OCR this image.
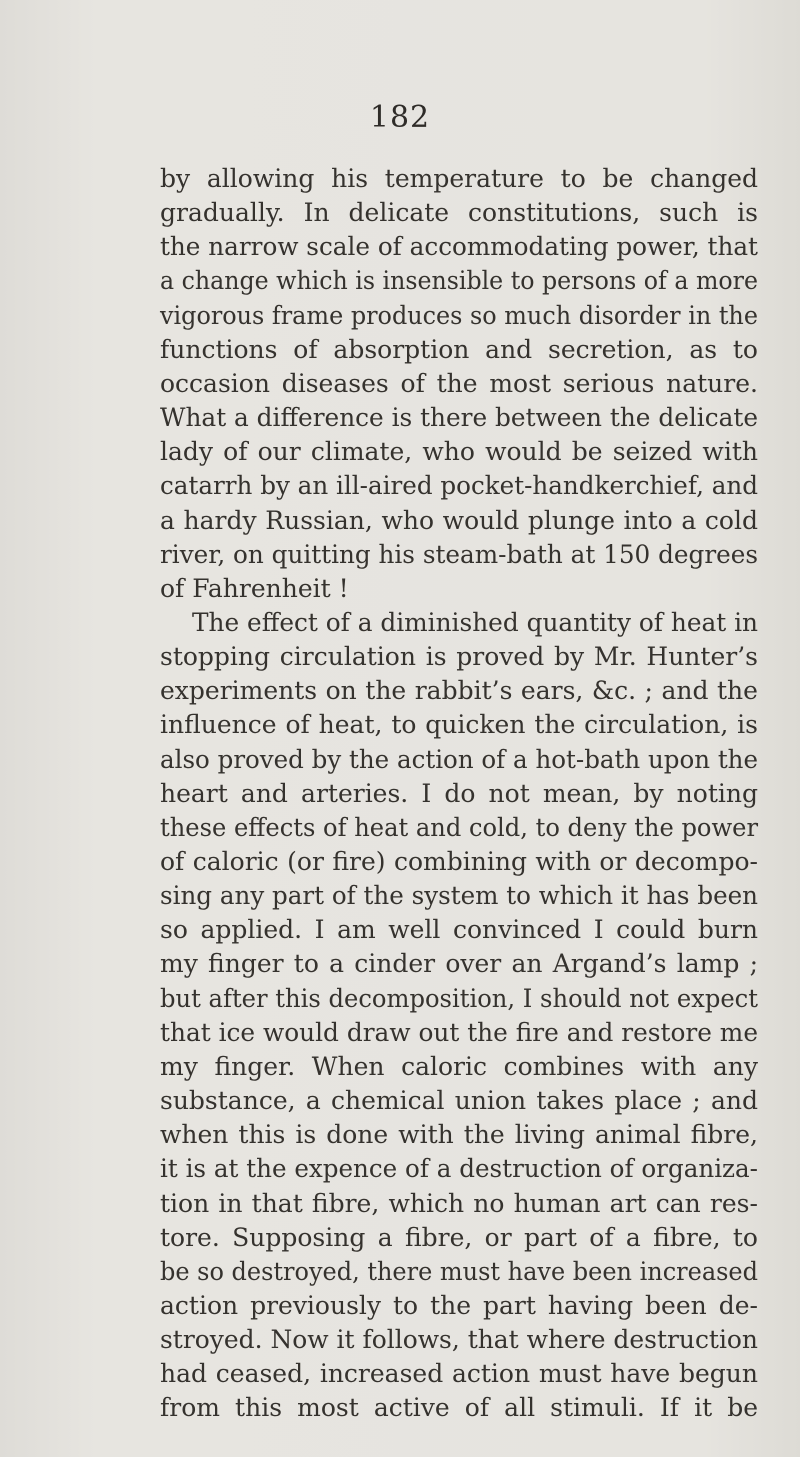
182
by allowing his temperature to be changed
gradually. In delicate constitutions, such is
the narrow scale of accommodating power, that
a change which is insensible to persons of a more
vigorous frame produces so much disorder in the
functions of absorption and secretion, as to
occasion diseases of the most serious nature.
What a difference is there between the delicate
lady of our climate, who would be seized with
catarrh by an ill-aired pocket-handkerchief, and
a hardy Russian, who would plunge into a cold
river, on quitting his steam-bath at 150 degrees
of Fahrenheit !
The effect of a diminished quantity of heat in
stopping circulation is proved by Mr. Hunter’s
experiments on the rabbit’s ears, &c. ; and the
influence of heat, to quicken the circulation, is
also proved by the action of a hot-bath upon the
heart and arteries. I do not mean, by noting
these effects of heat and cold, to deny the power
of caloric (or fire) combining with or decompo-
sing any part of the system to which it has been
so applied. I am well convinced I could burn
my finger to a cinder over an Argand’s lamp ;
but after this decomposition, I should not expect
that ice would draw out the fire and restore me
my finger. When caloric combines with any
substance, a chemical union takes place ; and
when this is done with the living animal fibre,
it is at the expence of a destruction of organiza-
tion in that fibre, which no human art can res-
tore. Supposing a fibre, or part of a fibre, to
be so destroyed, there must have been increased
action previously to the part having been de-
stroyed. Now it follows, that where destruction
had ceased, increased action must have begun
from this most active of all stimuli. If it be
